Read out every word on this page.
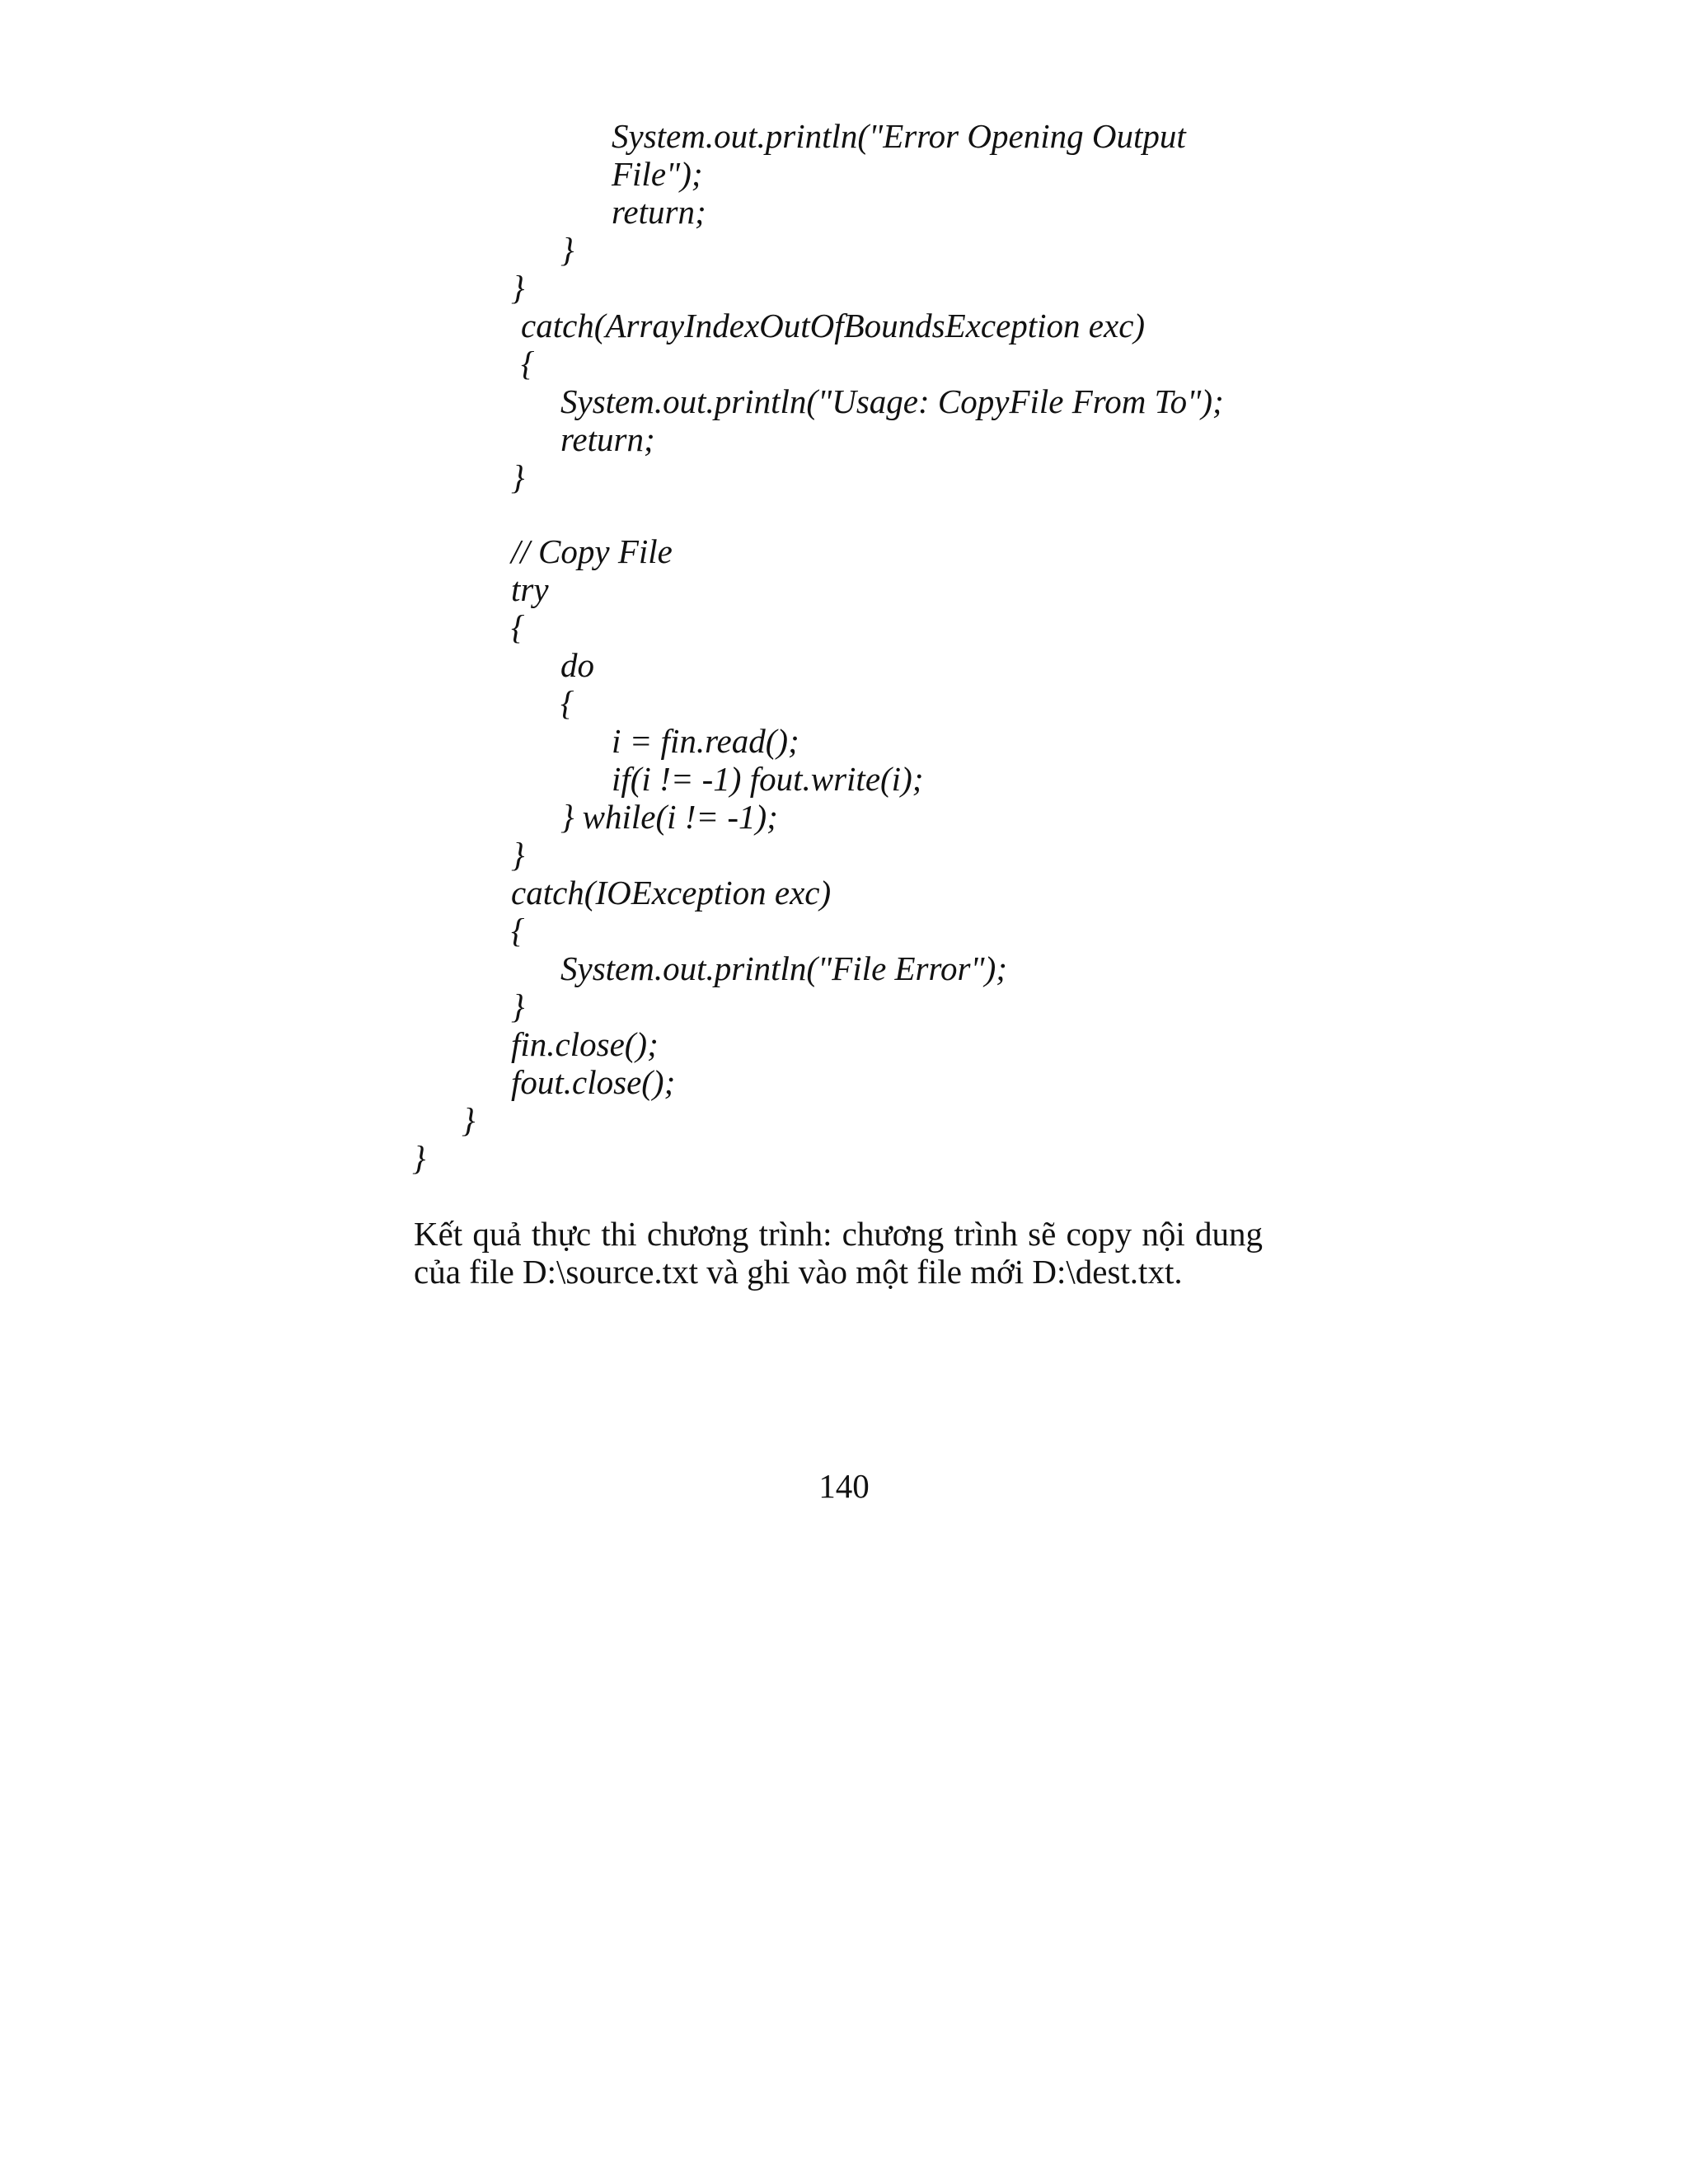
System.out.println("Error Opening Output
File");
return;
}
}
catch(ArrayIndexOutOfBoundsException exc)
{
System.out.println("Usage: CopyFile From To");
return;
}
// Copy File
try
{
do
{
i = fin.read();
if(i != -1) fout.write(i);
} while(i != -1);
}
catch(IOException exc)
{
System.out.println("File Error");
}
fin.close();
fout.close();
}
}
Kết quả thực thi chương trình: chương trình sẽ copy nội dung
của file D:\source.txt và ghi vào một file mới D:\dest.txt.
140
